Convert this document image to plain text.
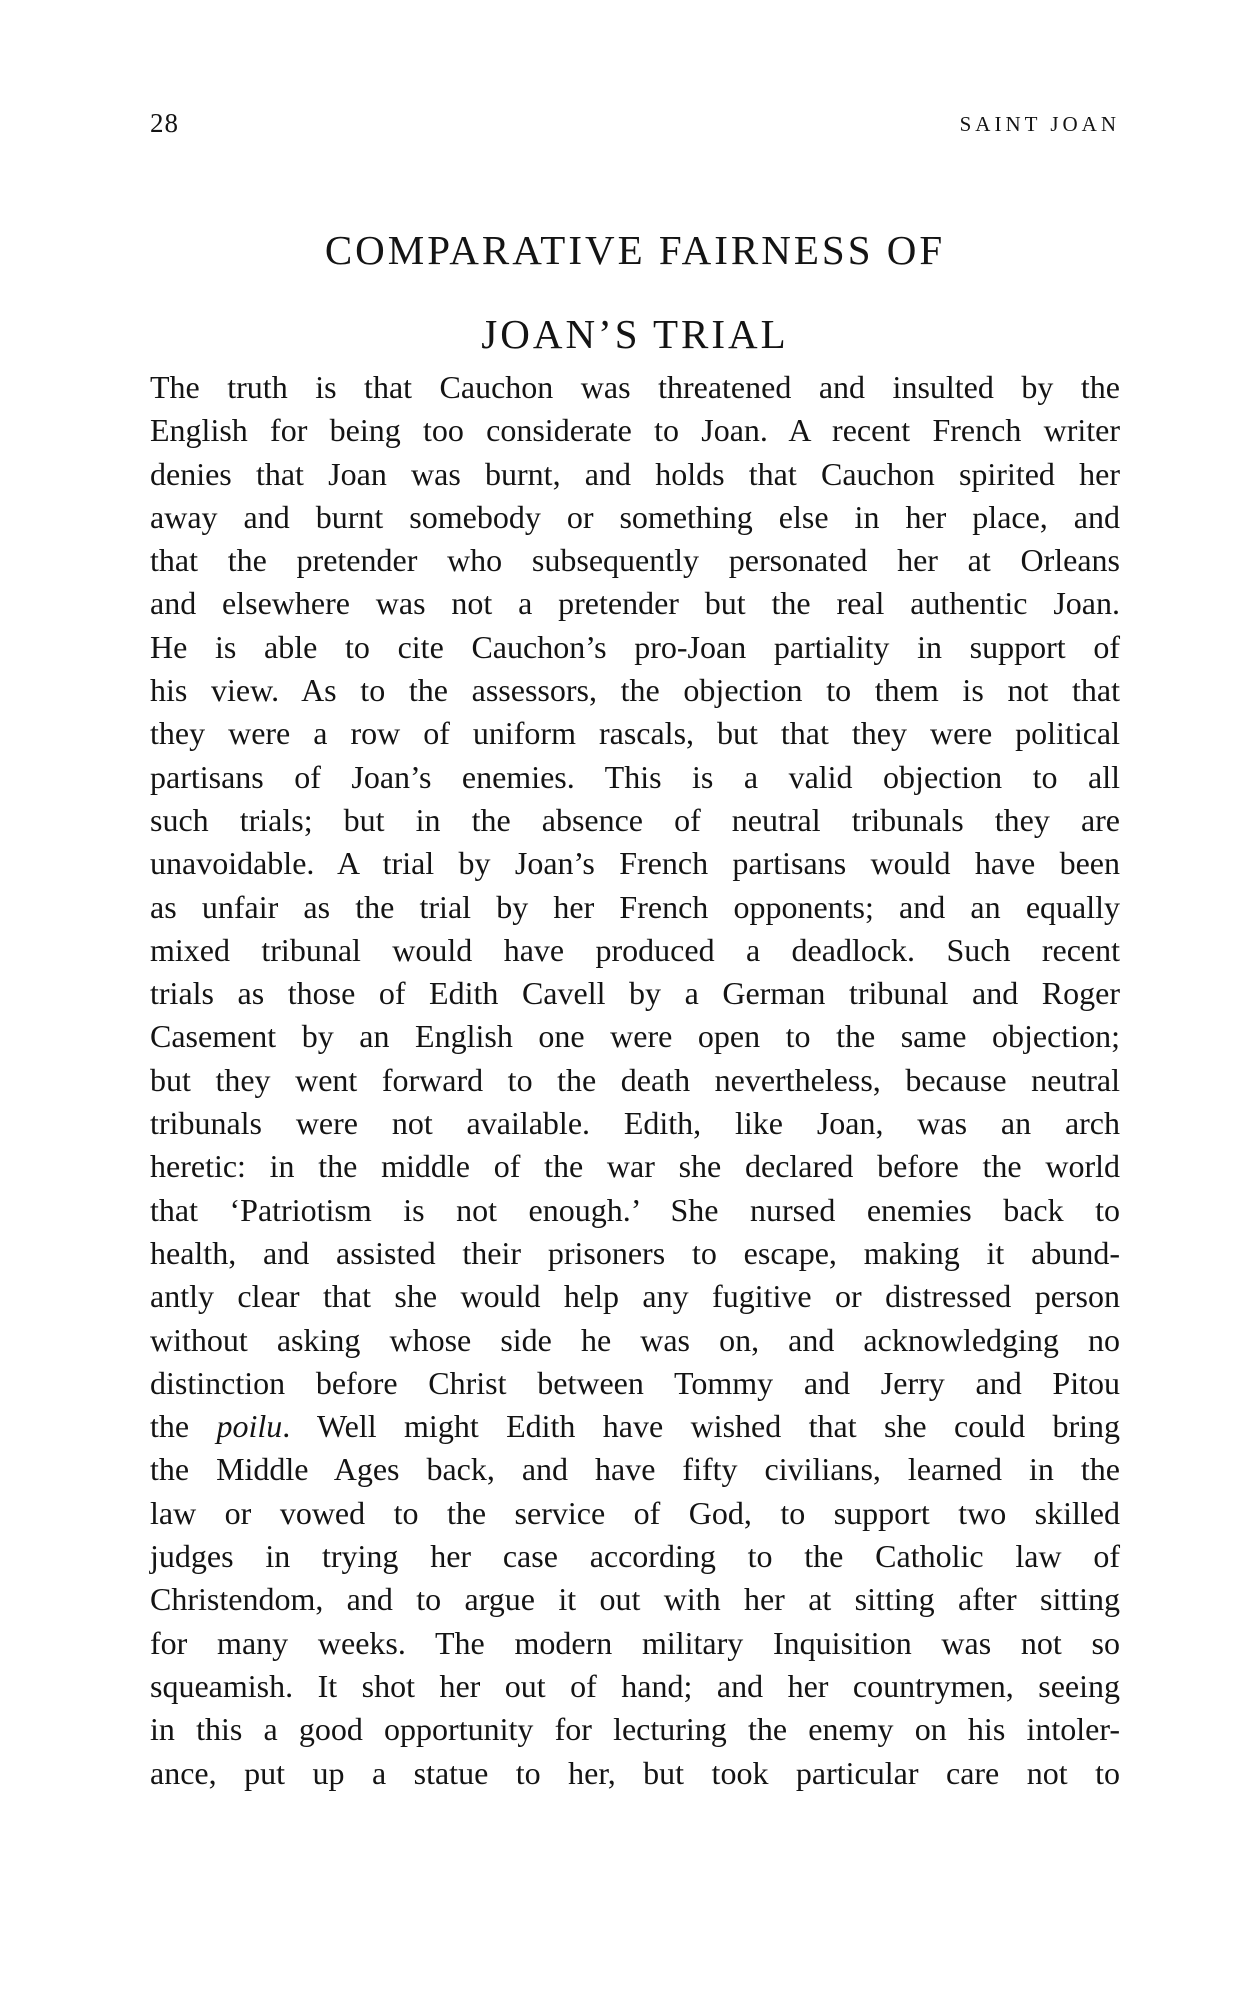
28	SAINT JOAN
COMPARATIVE FAIRNESS OF
JOAN’S TRIAL
The truth is that Cauchon was threatened and insulted by the
English for being too considerate to Joan. A recent French writer
denies that Joan was burnt, and holds that Cauchon spirited her
away and burnt somebody or something else in her place, and
that the pretender who subsequently personated her at Orleans
and elsewhere was not a pretender but the real authentic Joan.
He is able to cite Cauchon’s pro-Joan partiality in support of
his view. As to the assessors, the objection to them is not that
they were a row of uniform rascals, but that they were political
partisans of Joan’s enemies. This is a valid objection to all
such trials; but in the absence of neutral tribunals they are
unavoidable. A trial by Joan’s French partisans would have been
as unfair as the trial by her French opponents; and an equally
mixed tribunal would have produced a deadlock. Such recent
trials as those of Edith Cavell by a German tribunal and Roger
Casement by an English one were open to the same objection;
but they went forward to the death nevertheless, because neutral
tribunals were not available. Edith, like Joan, was an arch
heretic: in the middle of the war she declared before the world
that ‘Patriotism is not enough.’ She nursed enemies back to
health, and assisted their prisoners to escape, making it abund-
antly clear that she would help any fugitive or distressed person
without asking whose side he was on, and acknowledging no
distinction before Christ between Tommy and Jerry and Pitou
the poilu. Well might Edith have wished that she could bring
the Middle Ages back, and have fifty civilians, learned in the
law or vowed to the service of God, to support two skilled
judges in trying her case according to the Catholic law of
Christendom, and to argue it out with her at sitting after sitting
for many weeks. The modern military Inquisition was not so
squeamish. It shot her out of hand; and her countrymen, seeing
in this a good opportunity for lecturing the enemy on his intoler-
ance, put up a statue to her, but took particular care not to
